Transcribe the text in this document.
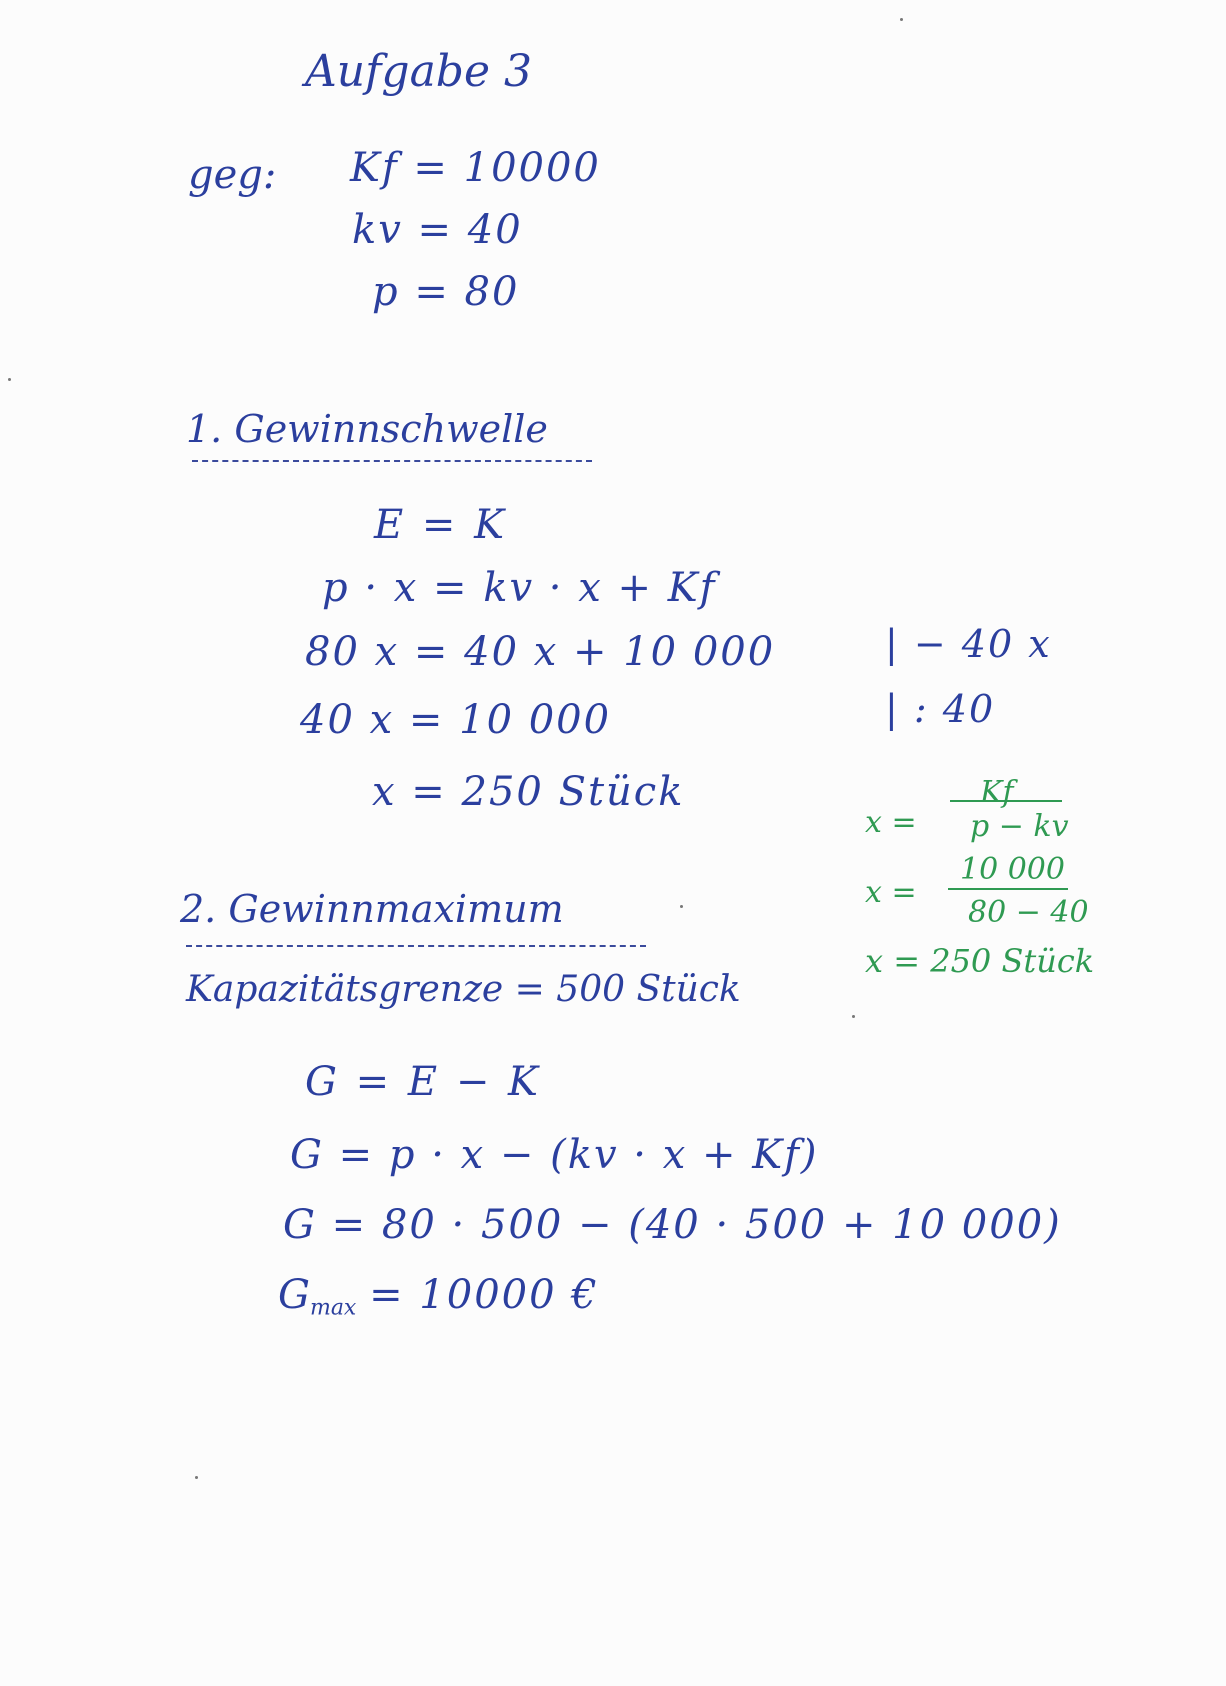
Aufgabe 3
geg: Kf = 10000
kv = 40
p = 80
1. Gewinnschwelle
E = K
p · x = kv · x + Kf
80 x = 40 x + 10 000
40 x = 10 000
x = 250 Stück
| − 40 x
| : 40
x =
Kf
p − kv
x =
10 000
80 − 40
x = 250 Stück
2. Gewinnmaximum
Kapazitätsgrenze = 500 Stück
G = E − K
G = p · x − (kv · x + Kf)
G = 80 · 500 − (40 · 500 + 10 000)
$G_{max} = 10000$ €
